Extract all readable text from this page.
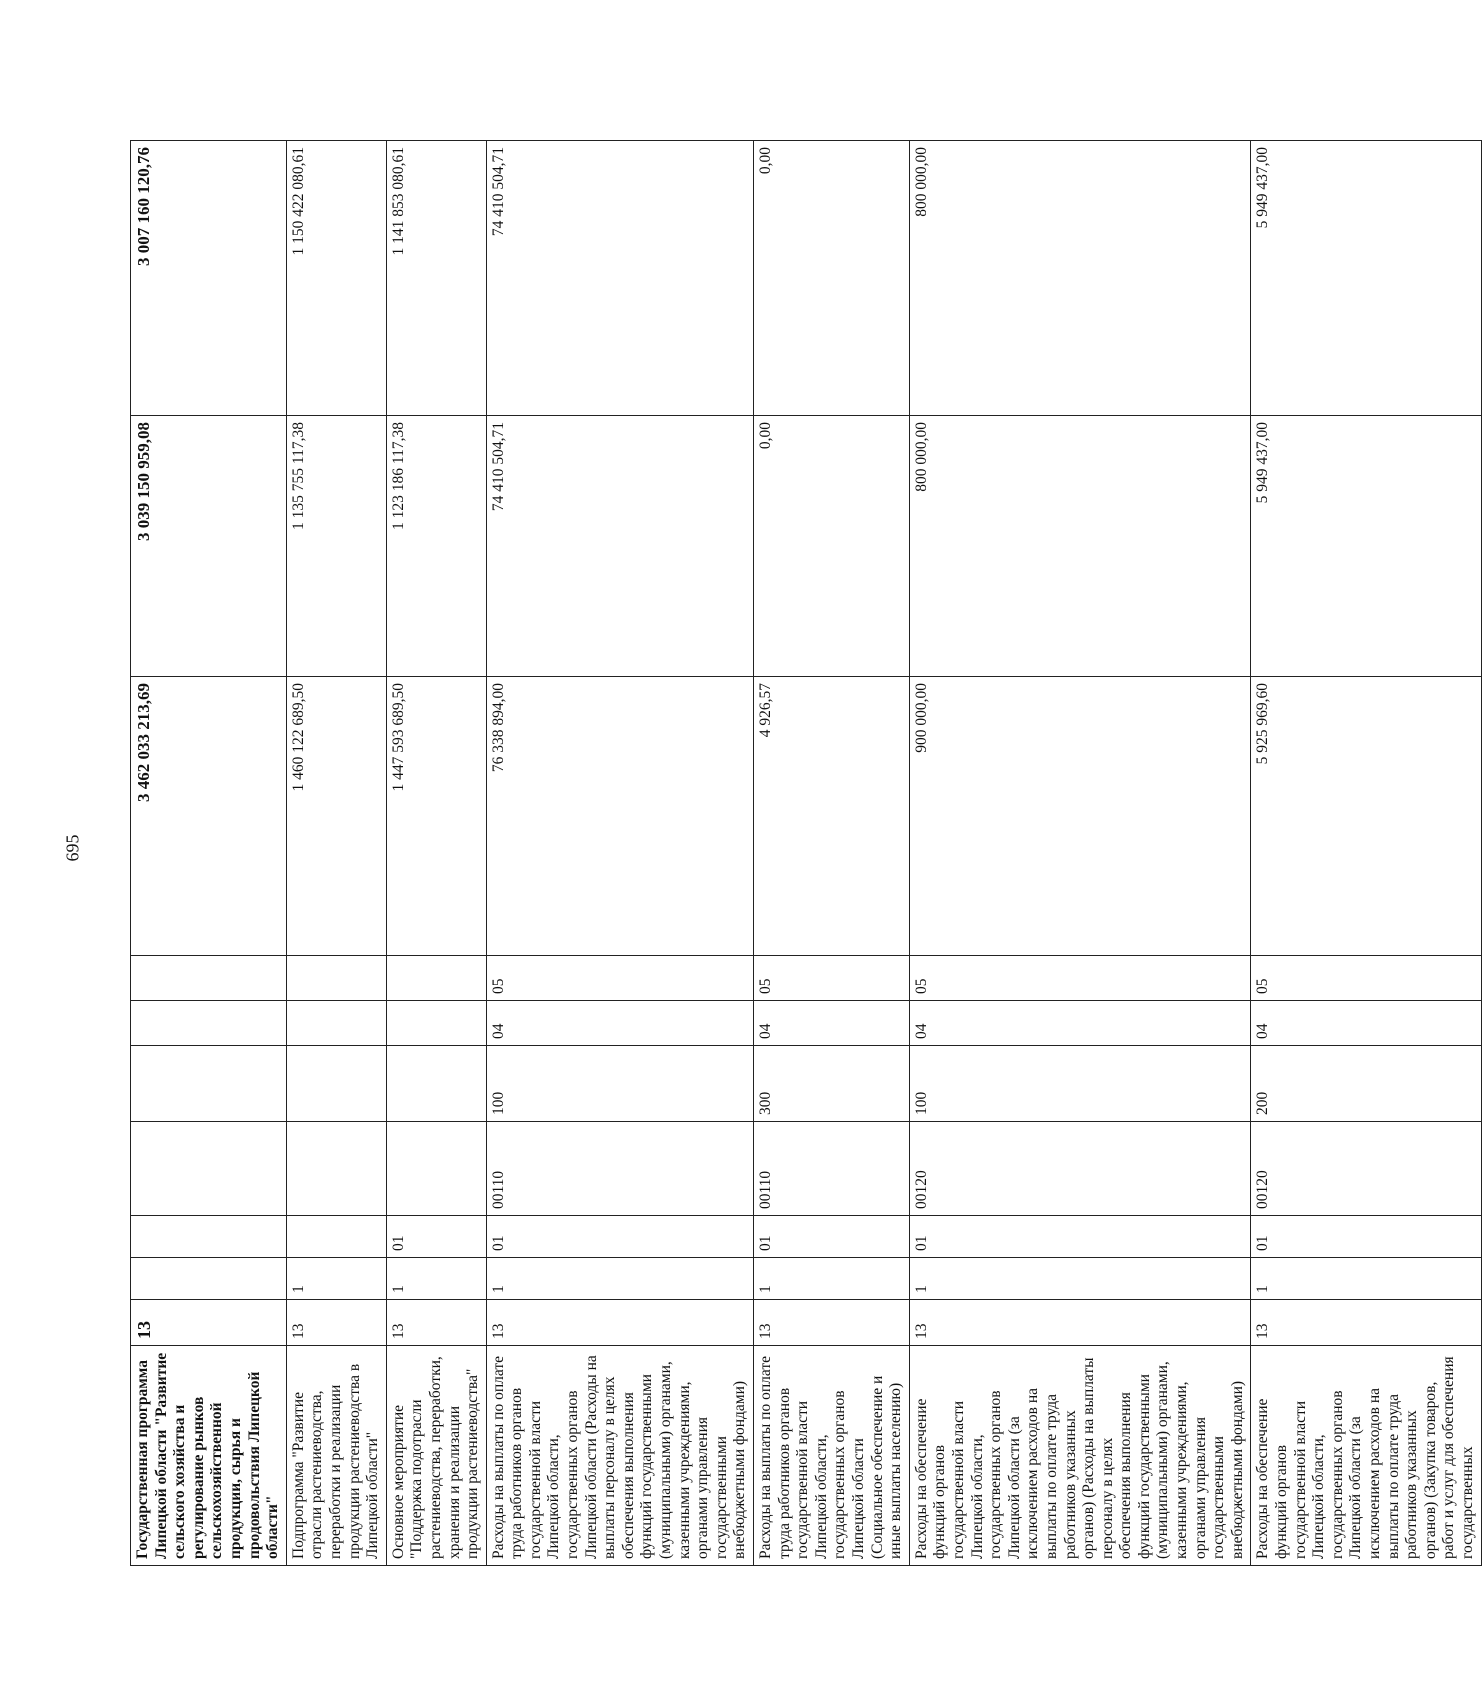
695
Государственная программа Липецкой области "Развитие сельского хозяйства и регулирование рынков сельскохозяйственной продукции, сырья и продовольствия Липецкой области"	13							3 462 033 213,69	3 039 150 959,08	3 007 160 120,76
Подпрограмма "Развитие отрасли растениеводства, переработки и реализации продукции растениеводства в Липецкой области"	13	1						1 460 122 689,50	1 135 755 117,38	1 150 422 080,61
Основное мероприятие "Поддержка подотрасли растениеводства, переработки, хранения и реализации продукции растениеводства"	13	1	01					1 447 593 689,50	1 123 186 117,38	1 141 853 080,61
Расходы на выплаты по оплате труда работников органов государственной власти Липецкой области, государственных органов Липецкой области (Расходы на выплаты персоналу в целях обеспечения выполнения функций государственными (муниципальными) органами, казенными учреждениями, органами управления государственными внебюджетными фондами)	13	1	01	00110	100	04	05	76 338 894,00	74 410 504,71	74 410 504,71
Расходы на выплаты по оплате труда работников органов государственной власти Липецкой области, государственных органов Липецкой области (Социальное обеспечение и иные выплаты населению)	13	1	01	00110	300	04	05	4 926,57	0,00	0,00
Расходы на обеспечение функций органов государственной власти Липецкой области, государственных органов Липецкой области (за исключением расходов на выплаты по оплате труда работников указанных органов) (Расходы на выплаты персоналу в целях обеспечения выполнения функций государственными (муниципальными) органами, казенными учреждениями, органами управления государственными внебюджетными фондами)	13	1	01	00120	100	04	05	900 000,00	800 000,00	800 000,00
Расходы на обеспечение функций органов государственной власти Липецкой области, государственных органов Липецкой области (за исключением расходов на выплаты по оплате труда работников указанных органов) (Закупка товаров, работ и услуг для обеспечения государственных	13	1	01	00120	200	04	05	5 925 969,60	5 949 437,00	5 949 437,00
